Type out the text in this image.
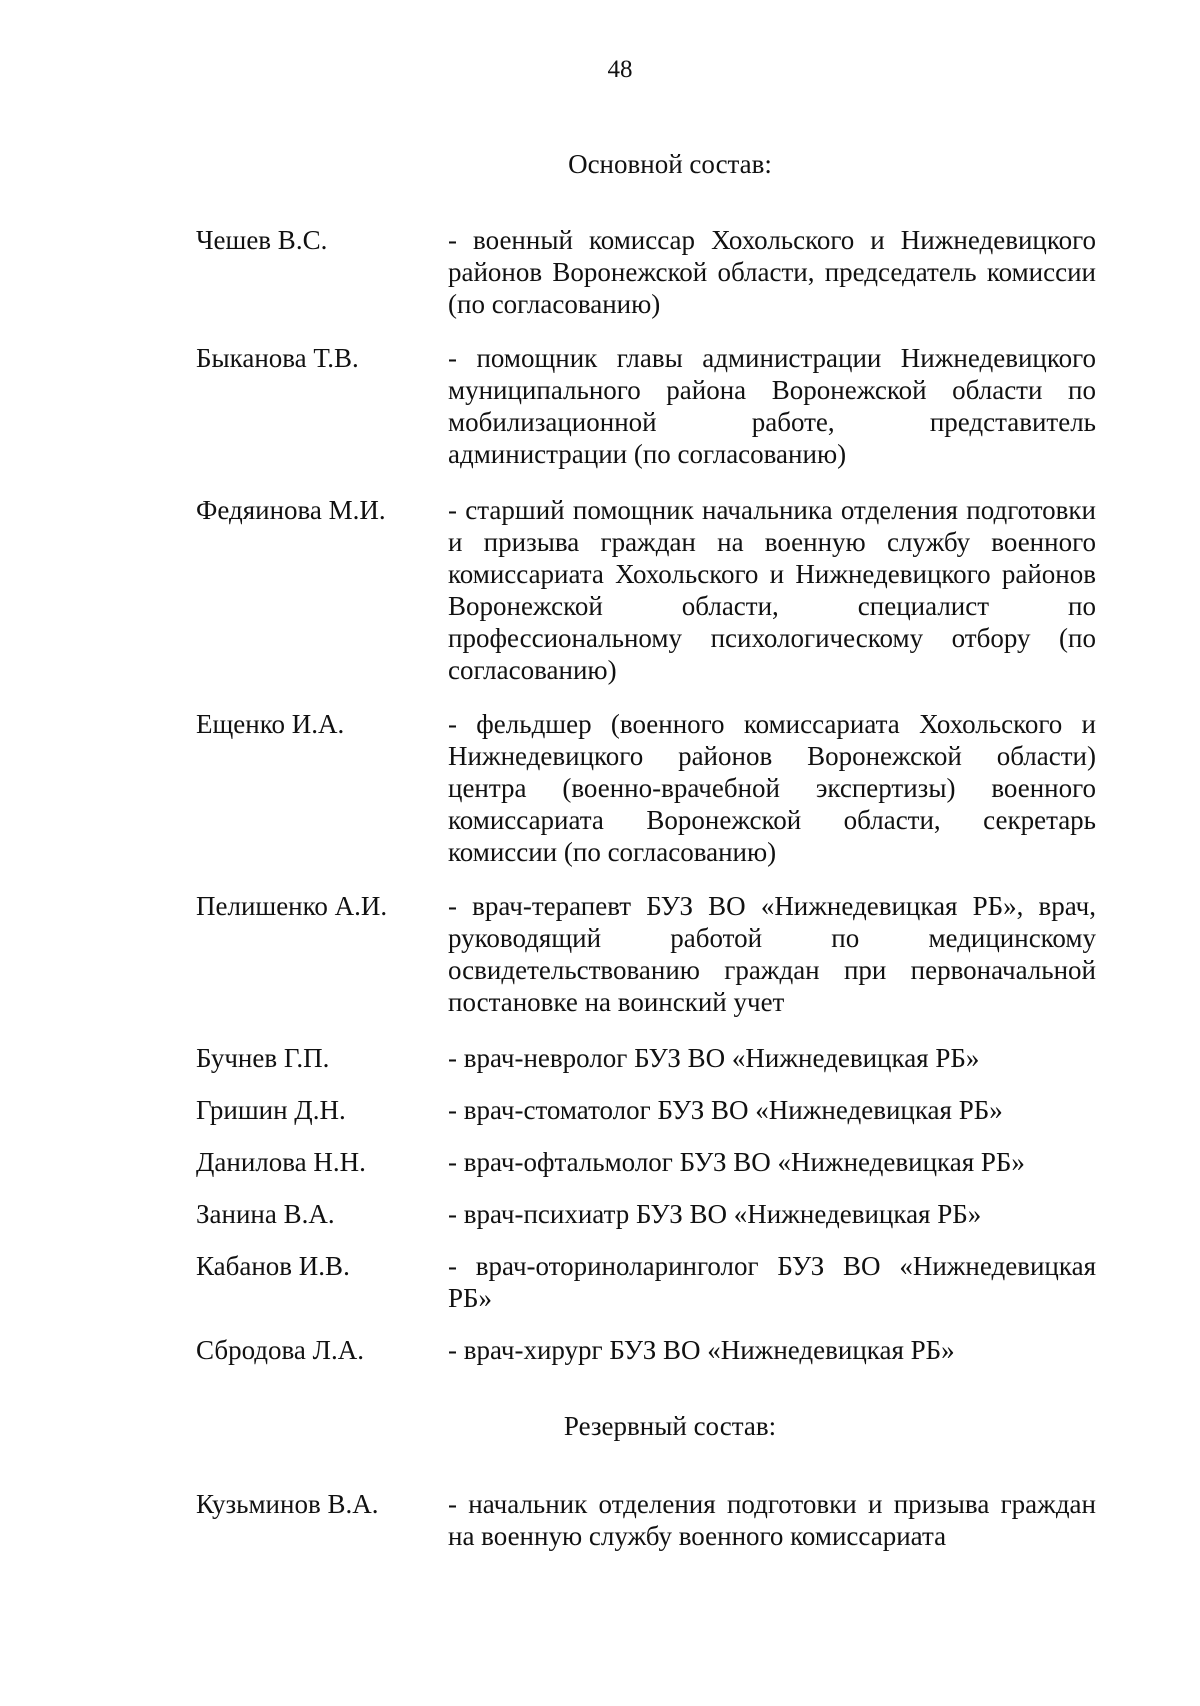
48
Основной состав:
Чешев В.С.	- военный комиссар Хохольского и Нижнедевицкого районов Воронежской области, председатель комиссии (по согласованию)
Быканова Т.В.	- помощник главы администрации Нижнедевицкого муниципального района Воронежской области по мобилизационной работе, представитель администрации (по согласованию)
Федяинова М.И.	- старший помощник начальника отделения подготовки и призыва граждан на военную службу военного комиссариата Хохольского и Нижнедевицкого районов Воронежской области, специалист по профессиональному психологическому отбору (по согласованию)
Ещенко И.А.	- фельдшер (военного комиссариата Хохольского и Нижнедевицкого районов Воронежской области) центра (военно-врачебной экспертизы) военного комиссариата Воронежской области, секретарь комиссии (по согласованию)
Пелишенко А.И.	- врач-терапевт БУЗ ВО «Нижнедевицкая РБ», врач, руководящий работой по медицинскому освидетельствованию граждан при первоначальной постановке на воинский учет
Бучнев Г.П.	- врач-невролог БУЗ ВО «Нижнедевицкая РБ»
Гришин Д.Н.	- врач-стоматолог БУЗ ВО «Нижнедевицкая РБ»
Данилова Н.Н.	- врач-офтальмолог БУЗ ВО «Нижнедевицкая РБ»
Занина В.А.	- врач-психиатр БУЗ ВО «Нижнедевицкая РБ»
Кабанов И.В.	- врач-оториноларинголог БУЗ ВО «Нижнедевицкая РБ»
Сбродова Л.А.	- врач-хирург БУЗ ВО «Нижнедевицкая РБ»
Резервный состав:
Кузьминов В.А.	- начальник отделения подготовки и призыва граждан на военную службу военного комиссариата
